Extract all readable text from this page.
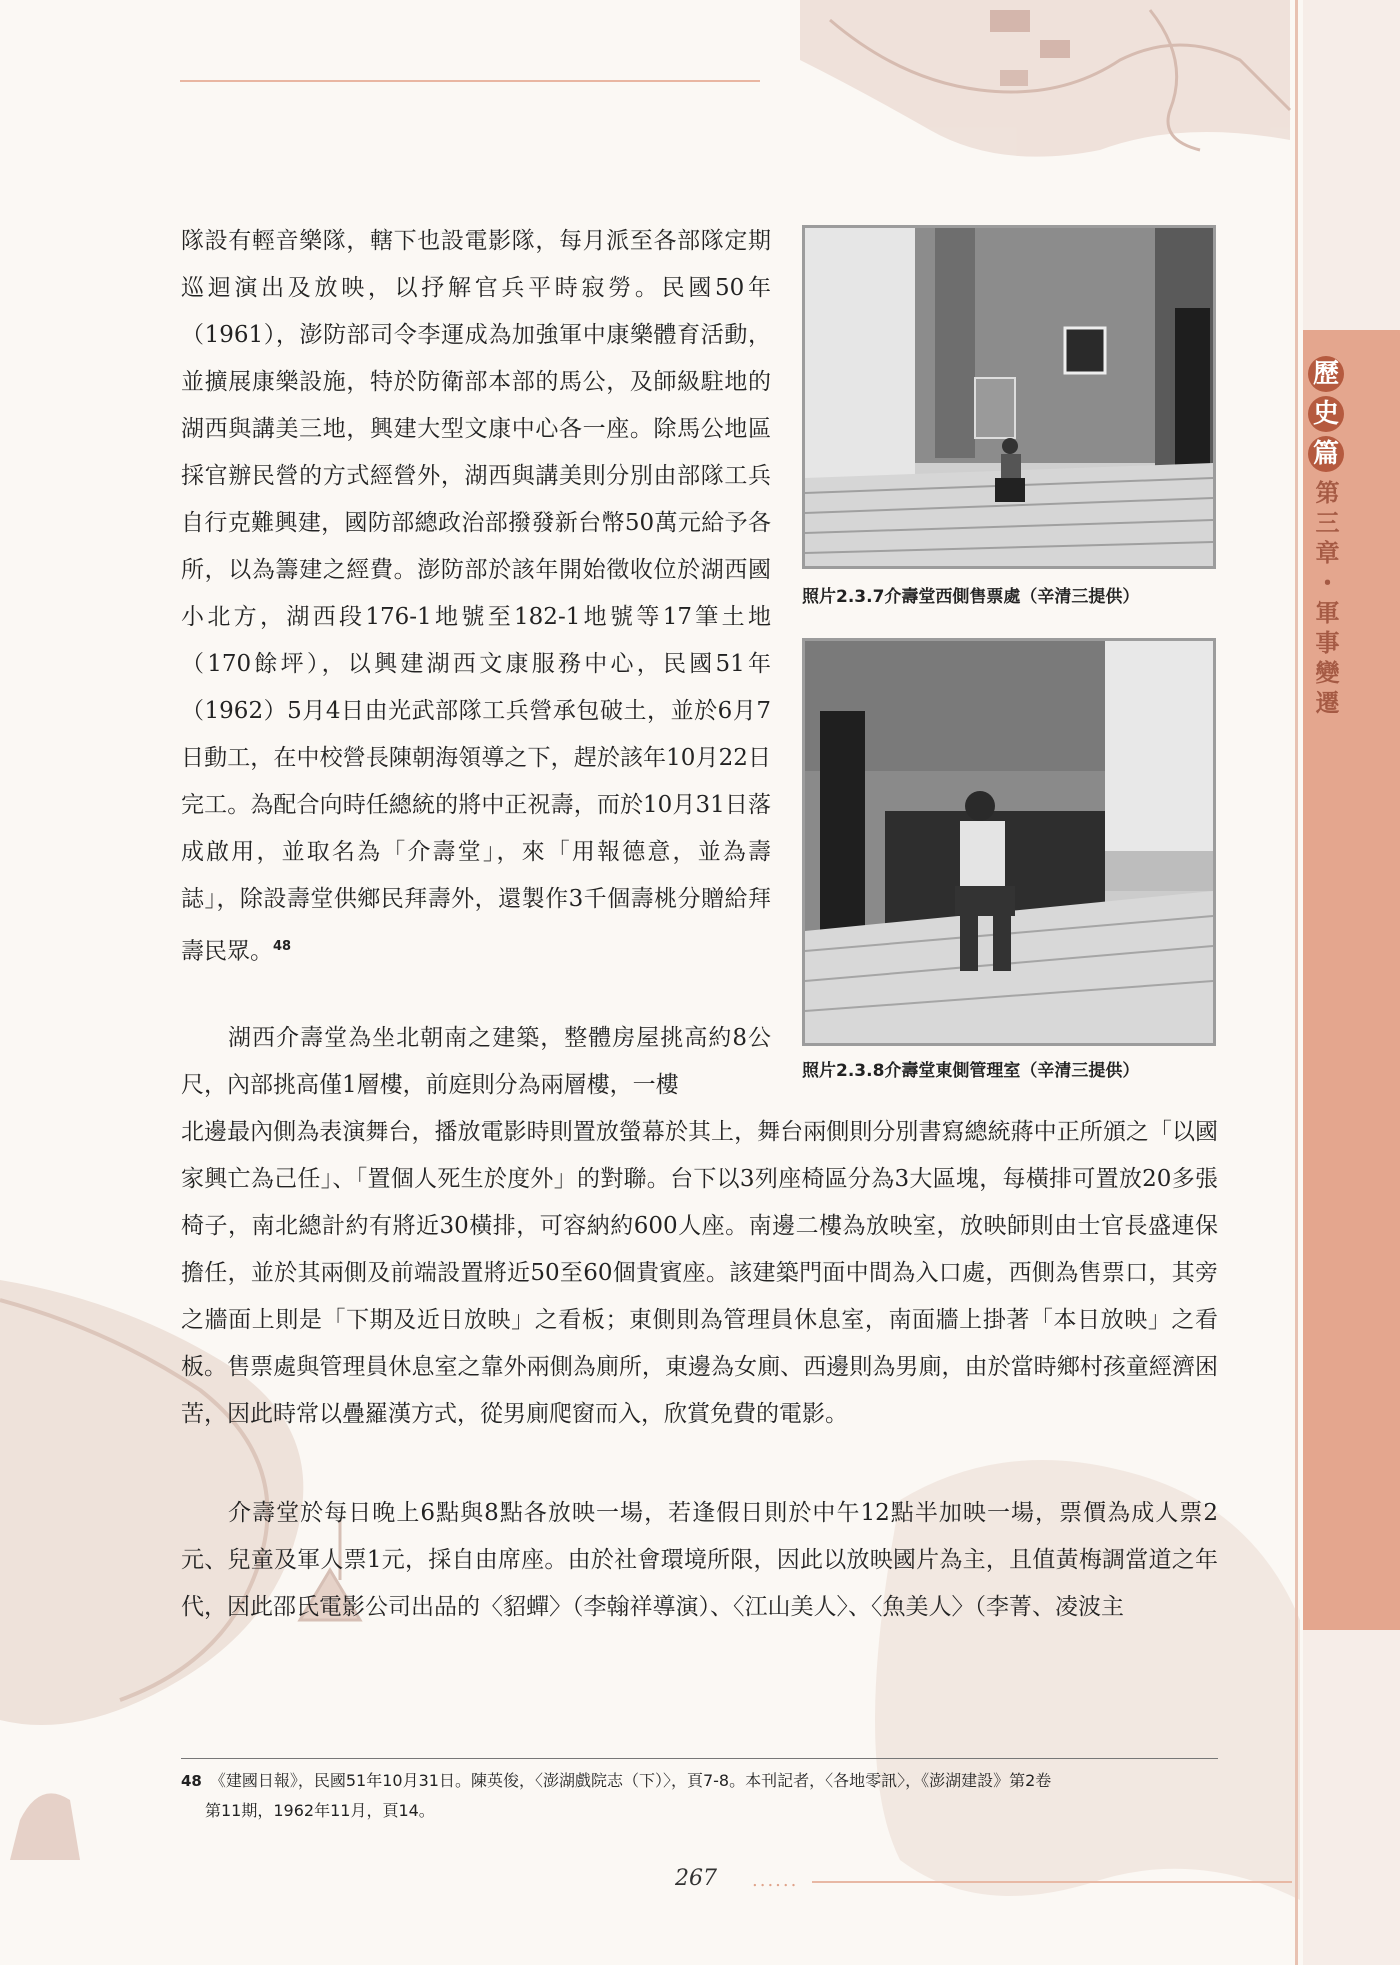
歷
史
篇
第三章・軍事變遷
隊設有輕音樂隊，轄下也設電影隊，每月派至各部隊定期巡迴演出及放映，以抒解官兵平時寂勞。民國50年（1961），澎防部司令李運成為加強軍中康樂體育活動，並擴展康樂設施，特於防衛部本部的馬公，及師級駐地的湖西與講美三地，興建大型文康中心各一座。除馬公地區採官辦民營的方式經營外，湖西與講美則分別由部隊工兵自行克難興建，國防部總政治部撥發新台幣50萬元給予各所，以為籌建之經費。澎防部於該年開始徵收位於湖西國小北方，湖西段176-1地號至182-1地號等17筆土地（170餘坪），以興建湖西文康服務中心，民國51年（1962）5月4日由光武部隊工兵營承包破土，並於6月7日動工，在中校營長陳朝海領導之下，趕於該年10月22日完工。為配合向時任總統的將中正祝壽，而於10月31日落成啟用，並取名為「介壽堂」，來「用報德意，並為壽誌」，除設壽堂供鄉民拜壽外，還製作3千個壽桃分贈給拜壽民眾。$^{48}$
湖西介壽堂為坐北朝南之建築，整體房屋挑高約8公尺，內部挑高僅1層樓，前庭則分為兩層樓，一樓
北邊最內側為表演舞台，播放電影時則置放螢幕於其上，舞台兩側則分別書寫總統蔣中正所頒之「以國家興亡為己任」、「置個人死生於度外」的對聯。台下以3列座椅區分為3大區塊，每橫排可置放20多張椅子，南北總計約有將近30橫排，可容納約600人座。南邊二樓為放映室，放映師則由士官長盛連保擔任，並於其兩側及前端設置將近50至60個貴賓座。該建築門面中間為入口處，西側為售票口，其旁之牆面上則是「下期及近日放映」之看板；東側則為管理員休息室，南面牆上掛著「本日放映」之看板。售票處與管理員休息室之靠外兩側為廁所，東邊為女廁、西邊則為男廁，由於當時鄉村孩童經濟困苦，因此時常以疊羅漢方式，從男廁爬窗而入，欣賞免費的電影。
介壽堂於每日晚上6點與8點各放映一場，若逢假日則於中午12點半加映一場，票價為成人票2元、兒童及軍人票1元，採自由席座。由於社會環境所限，因此以放映國片為主，且值黃梅調當道之年代，因此邵氏電影公司出品的〈貂蟬〉（李翰祥導演）、〈江山美人〉、〈魚美人〉（李菁、凌波主
照片2.3.7介壽堂西側售票處（辛清三提供）
照片2.3.8介壽堂東側管理室（辛清三提供）
48 《建國日報》，民國51年10月31日。陳英俊，〈澎湖戲院志（下）〉，頁7-8。本刊記者，〈各地零訊〉，《澎湖建設》第2卷
第11期，1962年11月，頁14。
267 ......
